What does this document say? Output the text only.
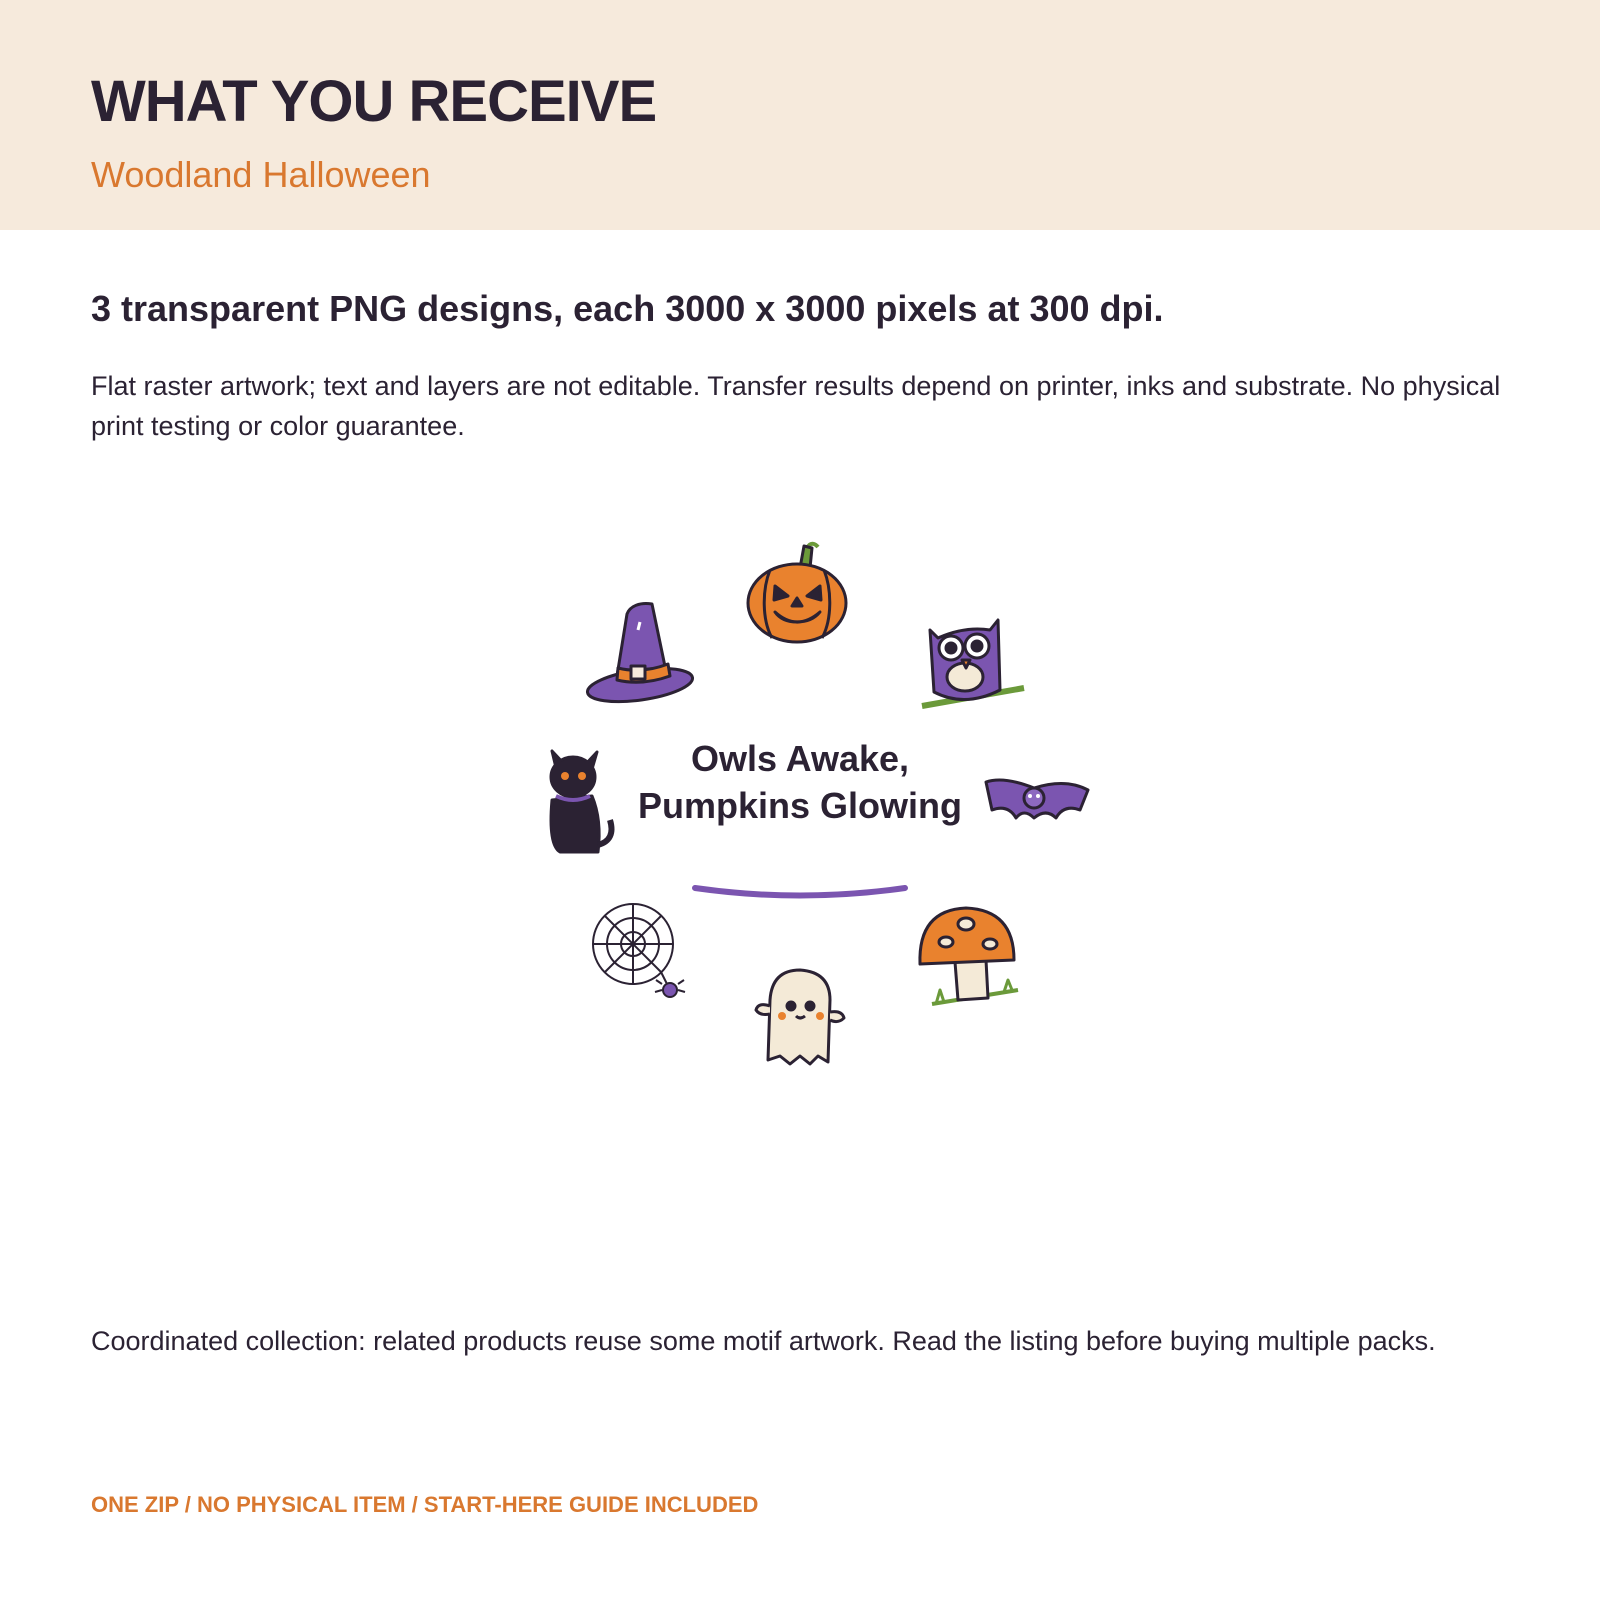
WHAT YOU RECEIVE
Woodland Halloween
3 transparent PNG designs, each 3000 x 3000 pixels at 300 dpi.

Flat raster artwork; text and layers are not editable. Transfer results depend on printer, inks and substrate. No physical print testing or color guarantee.

Owls Awake,
Pumpkins Glowing

Coordinated collection: related products reuse some motif artwork. Read the listing before buying multiple packs.

ONE ZIP / NO PHYSICAL ITEM / START-HERE GUIDE INCLUDED
